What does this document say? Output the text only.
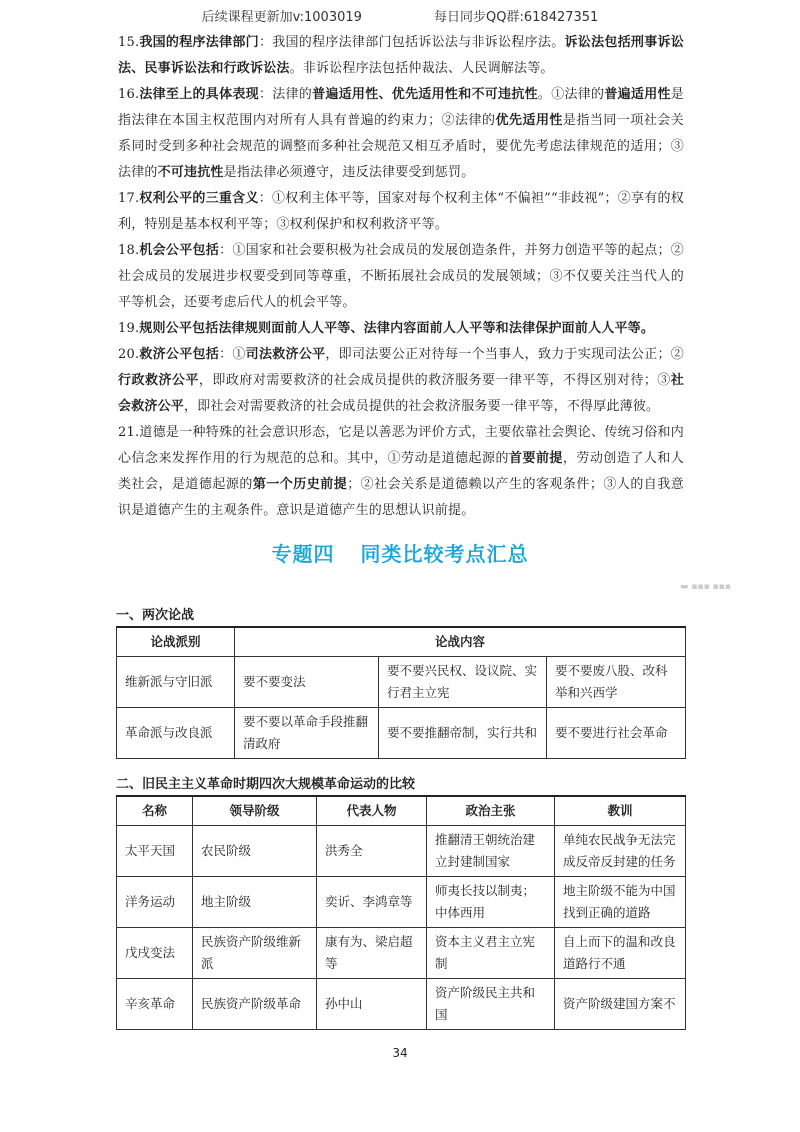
后续课程更新加v:1003019	每日同步QQ群:618427351

15.我国的程序法律部门：我国的程序法律部门包括诉讼法与非诉讼程序法。诉讼法包括刑事诉讼法、民事诉讼法和行政诉讼法。非诉讼程序法包括仲裁法、人民调解法等。

16.法律至上的具体表现：法律的普遍适用性、优先适用性和不可违抗性。①法律的普遍适用性是指法律在本国主权范围内对所有人具有普遍的约束力；②法律的优先适用性是指当同一项社会关系同时受到多种社会规范的调整而多种社会规范又相互矛盾时，要优先考虑法律规范的适用；③法律的不可违抗性是指法律必须遵守，违反法律要受到惩罚。

17.权利公平的三重含义：①权利主体平等，国家对每个权利主体“不偏袒”“非歧视”；②享有的权利，特别是基本权利平等；③权利保护和权利救济平等。

18.机会公平包括：①国家和社会要积极为社会成员的发展创造条件，并努力创造平等的起点；②社会成员的发展进步权要受到同等尊重，不断拓展社会成员的发展领域；③不仅要关注当代人的平等机会，还要考虑后代人的机会平等。

19.规则公平包括法律规则面前人人平等、法律内容面前人人平等和法律保护面前人人平等。

20.救济公平包括：①司法救济公平，即司法要公正对待每一个当事人，致力于实现司法公正；②行政救济公平，即政府对需要救济的社会成员提供的救济服务要一律平等，不得区别对待；③社会救济公平，即社会对需要救济的社会成员提供的社会救济服务要一律平等，不得厚此薄彼。

21.道德是一种特殊的社会意识形态，它是以善恶为评价方式，主要依靠社会舆论、传统习俗和内心信念来发挥作用的行为规范的总和。其中，①劳动是道德起源的首要前提，劳动创造了人和人类社会，是道德起源的第一个历史前提；②社会关系是道德赖以产生的客观条件；③人的自我意识是道德产生的主观条件。意识是道德产生的思想认识前提。

专题四 同类比较考点汇总
▬ ▪▪▪ ▪▪▪
一、两次论战
论战派别	论战内容		
维新派与守旧派	要不要变法	要不要兴民权、设议院、实行君主立宪	要不要废八股、改科举和兴西学
革命派与改良派	要不要以革命手段推翻清政府	要不要推翻帝制，实行共和	要不要进行社会革命
二、旧民主主义革命时期四次大规模革命运动的比较
名称	领导阶级	代表人物	政治主张	教训
太平天国	农民阶级	洪秀全	推翻清王朝统治建立封建制国家	单纯农民战争无法完成反帝反封建的任务
洋务运动	地主阶级	奕䜣、李鸿章等	师夷长技以制夷；中体西用	地主阶级不能为中国找到正确的道路
戊戌变法	民族资产阶级维新派	康有为、梁启超等	资本主义君主立宪制	自上而下的温和改良道路行不通
辛亥革命	民族资产阶级革命	孙中山	资产阶级民主共和国	资产阶级建国方案不
34
